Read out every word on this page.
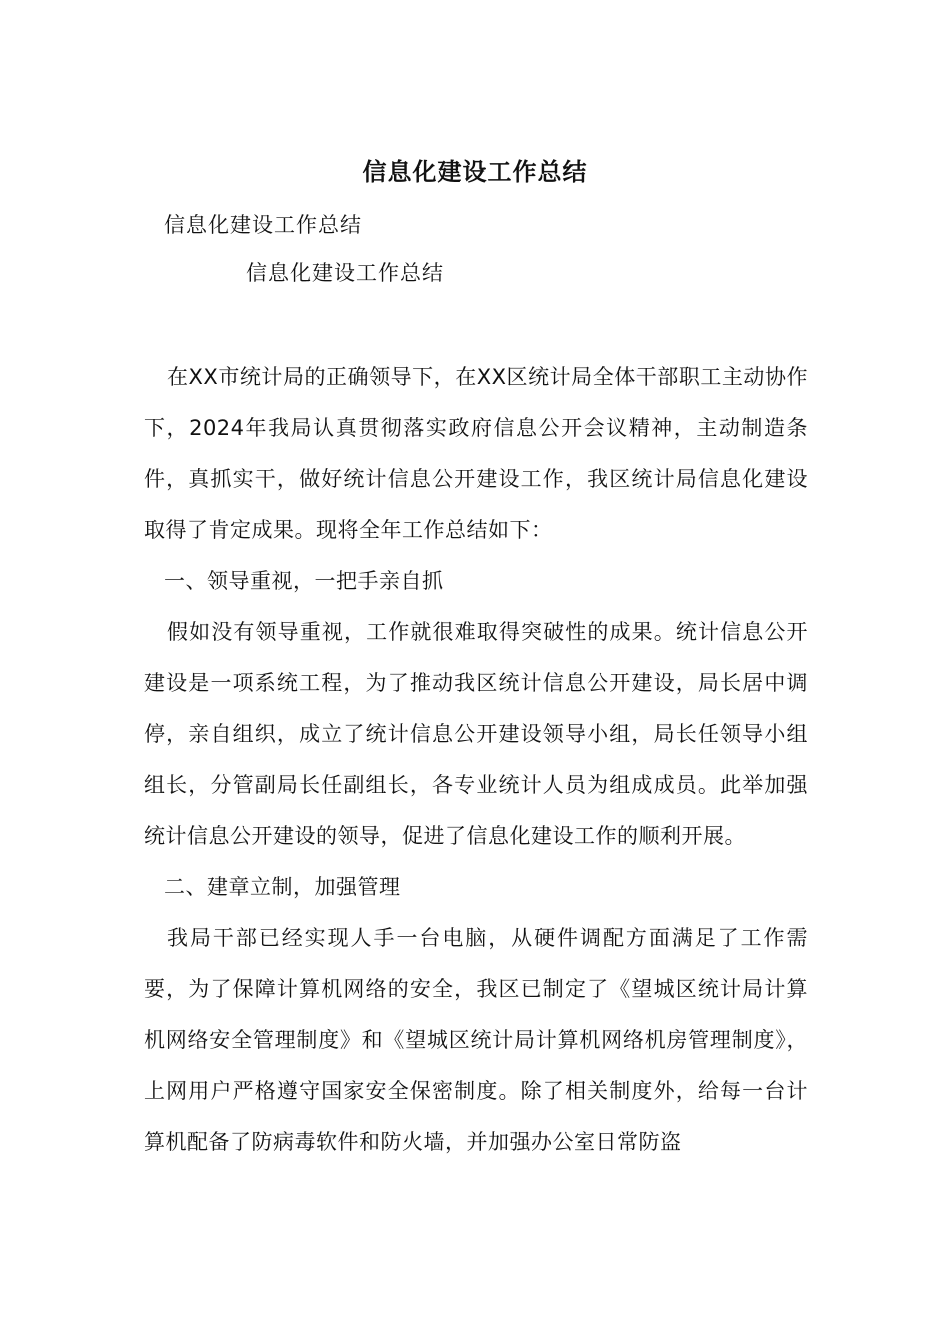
信息化建设工作总结
信息化建设工作总结
信息化建设工作总结

在XX市统计局的正确领导下，在XX区统计局全体干部职工主动协作下，2024年我局认真贯彻落实政府信息公开会议精神，主动制造条件，真抓实干，做好统计信息公开建设工作，我区统计局信息化建设取得了肯定成果。现将全年工作总结如下：

一、领导重视，一把手亲自抓

假如没有领导重视，工作就很难取得突破性的成果。统计信息公开建设是一项系统工程，为了推动我区统计信息公开建设，局长居中调停，亲自组织，成立了统计信息公开建设领导小组，局长任领导小组组长，分管副局长任副组长，各专业统计人员为组成成员。此举加强统计信息公开建设的领导，促进了信息化建设工作的顺利开展。

二、建章立制，加强管理

我局干部已经实现人手一台电脑，从硬件调配方面满足了工作需要，为了保障计算机网络的安全，我区已制定了《望城区统计局计算机网络安全管理制度》和《望城区统计局计算机网络机房管理制度》，上网用户严格遵守国家安全保密制度。除了相关制度外，给每一台计算机配备了防病毒软件和防火墙，并加强办公室日常防盗
